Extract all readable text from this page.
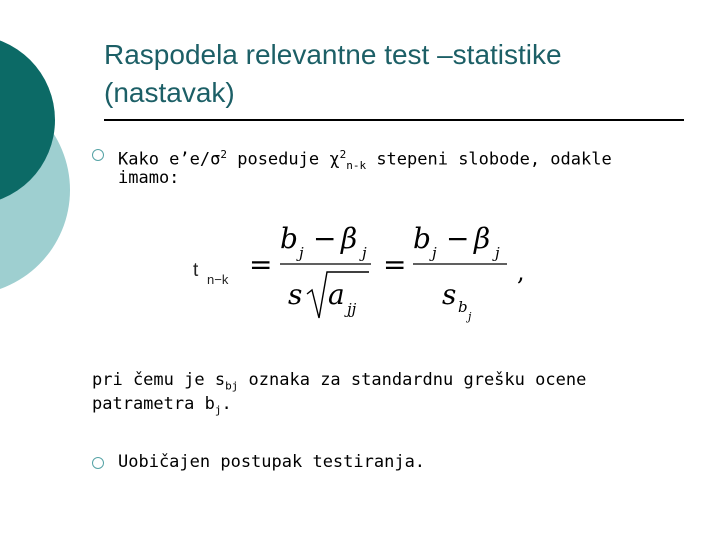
Raspodela relevantne test –statistike
(nastavak)
Kako $e’e/\sigma^2$ poseduje $\chi^2_{n-k}$ stepeni slobode, odakle
imamo:
t n−k =
b j − β j
s a jj
=
b j − β j
s b
j
,
pri čemu je $s_{bj}$ oznaka za standardnu grešku ocene
patrametra $b_j$.
Uobičajen postupak testiranja.
